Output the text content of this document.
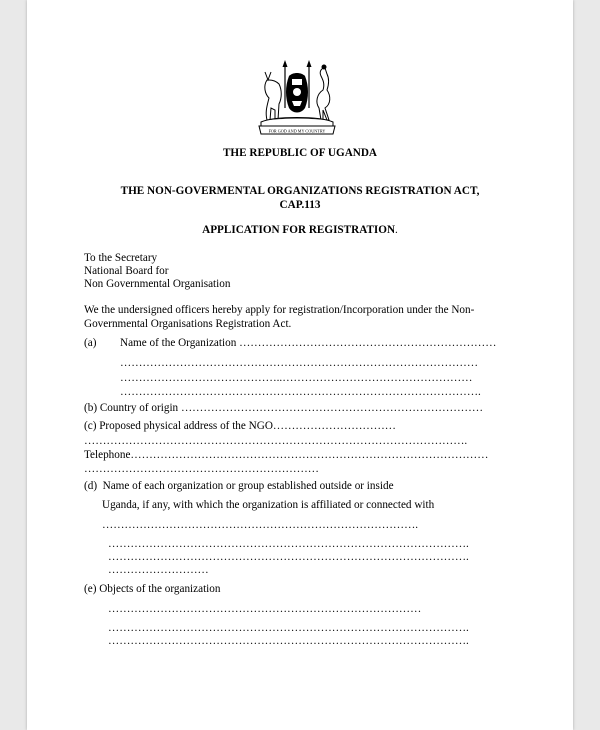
FOR GOD AND MY COUNTRY
THE REPUBLIC OF UGANDA
THE NON-GOVERMENTAL ORGANIZATIONS REGISTRATION ACT,
CAP.113
APPLICATION FOR REGISTRATION.
To the Secretary
National Board for
Non Governmental Organisation
We the undersigned officers hereby apply for registration/Incorporation under the Non-
Governmental Organisations Registration Act.
(a) Name of the Organization ……………………………………………………………
……………………………………………………………………………………
……………………………………..……………………………………………
…………………………………………………………………………………….
(b) Country of origin ………………………………………………………………………
(c) Proposed physical address of the NGO……………………………
………………………………………………………………………………………….
Telephone……………………………………………………………………………………
………………………………………………………
(d)  Name of each organization or group established outside or inside
Uganda, if any, with which the organization is affiliated or connected with
………………………………………………………………………….
…………………………………………………………………………………….
…………………………………………………………………………………….
………………………
(e) Objects of the organization
…………………………………………………………………………
…………………………………………………………………………………….
…………………………………………………………………………………….
